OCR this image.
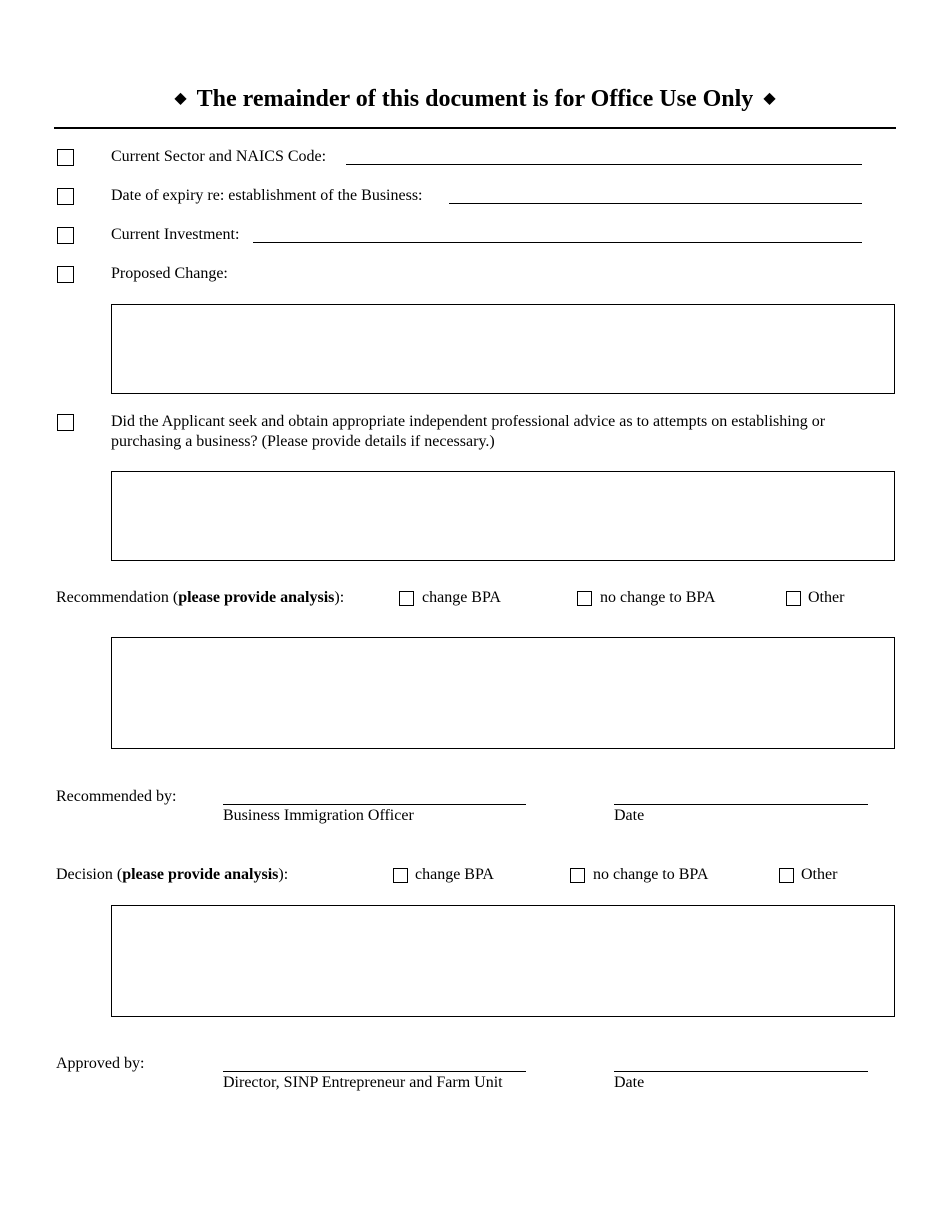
◆ The remainder of this document is for Office Use Only ◆
Current Sector and NAICS Code:
Date of expiry re: establishment of the Business:
Current Investment:
Proposed Change:
Did the Applicant seek and obtain appropriate independent professional advice as to attempts on establishing or purchasing a business? (Please provide details if necessary.)
Recommendation (please provide analysis):	change BPA	no change to BPA	Other
Recommended by:
Business Immigration Officer	Date
Decision (please provide analysis):	change BPA	no change to BPA	Other
Approved by:
Director, SINP Entrepreneur and Farm Unit	Date
